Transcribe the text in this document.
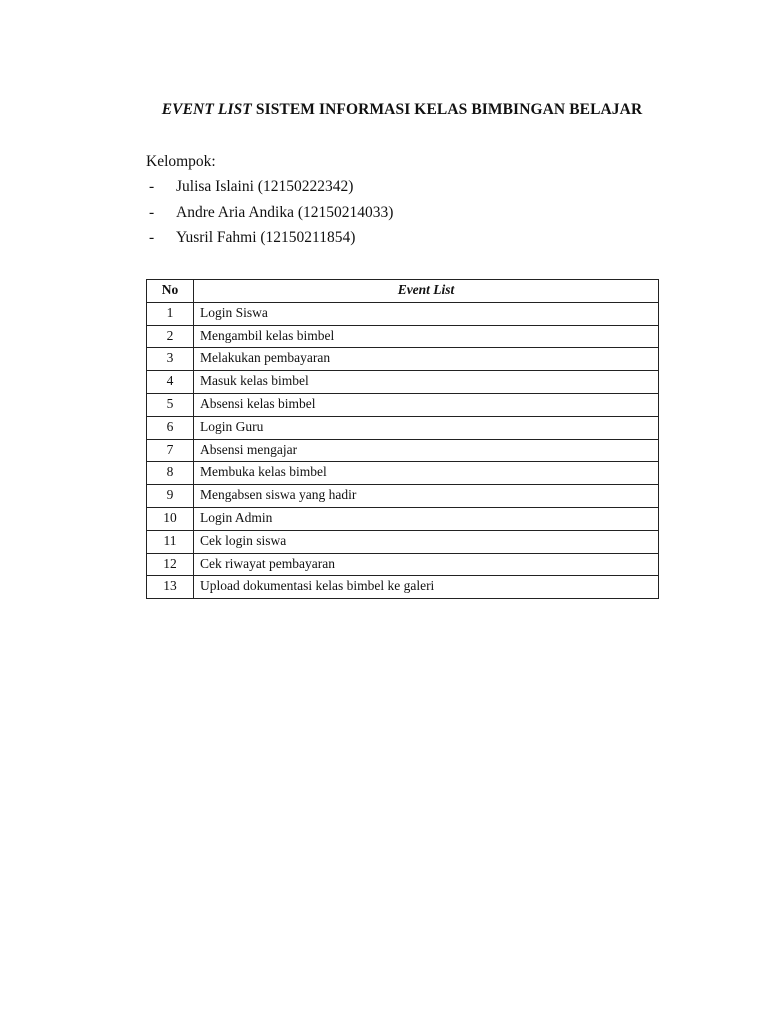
EVENT LIST SISTEM INFORMASI KELAS BIMBINGAN BELAJAR
Kelompok:
-	Julisa Islaini (12150222342)
-	Andre Aria Andika (12150214033)
-	Yusril Fahmi (12150211854)
No	Event List
1	Login Siswa
2	Mengambil kelas bimbel
3	Melakukan pembayaran
4	Masuk kelas bimbel
5	Absensi kelas bimbel
6	Login Guru
7	Absensi mengajar
8	Membuka kelas bimbel
9	Mengabsen siswa yang hadir
10	Login Admin
11	Cek login siswa
12	Cek riwayat pembayaran
13	Upload dokumentasi kelas bimbel ke galeri
